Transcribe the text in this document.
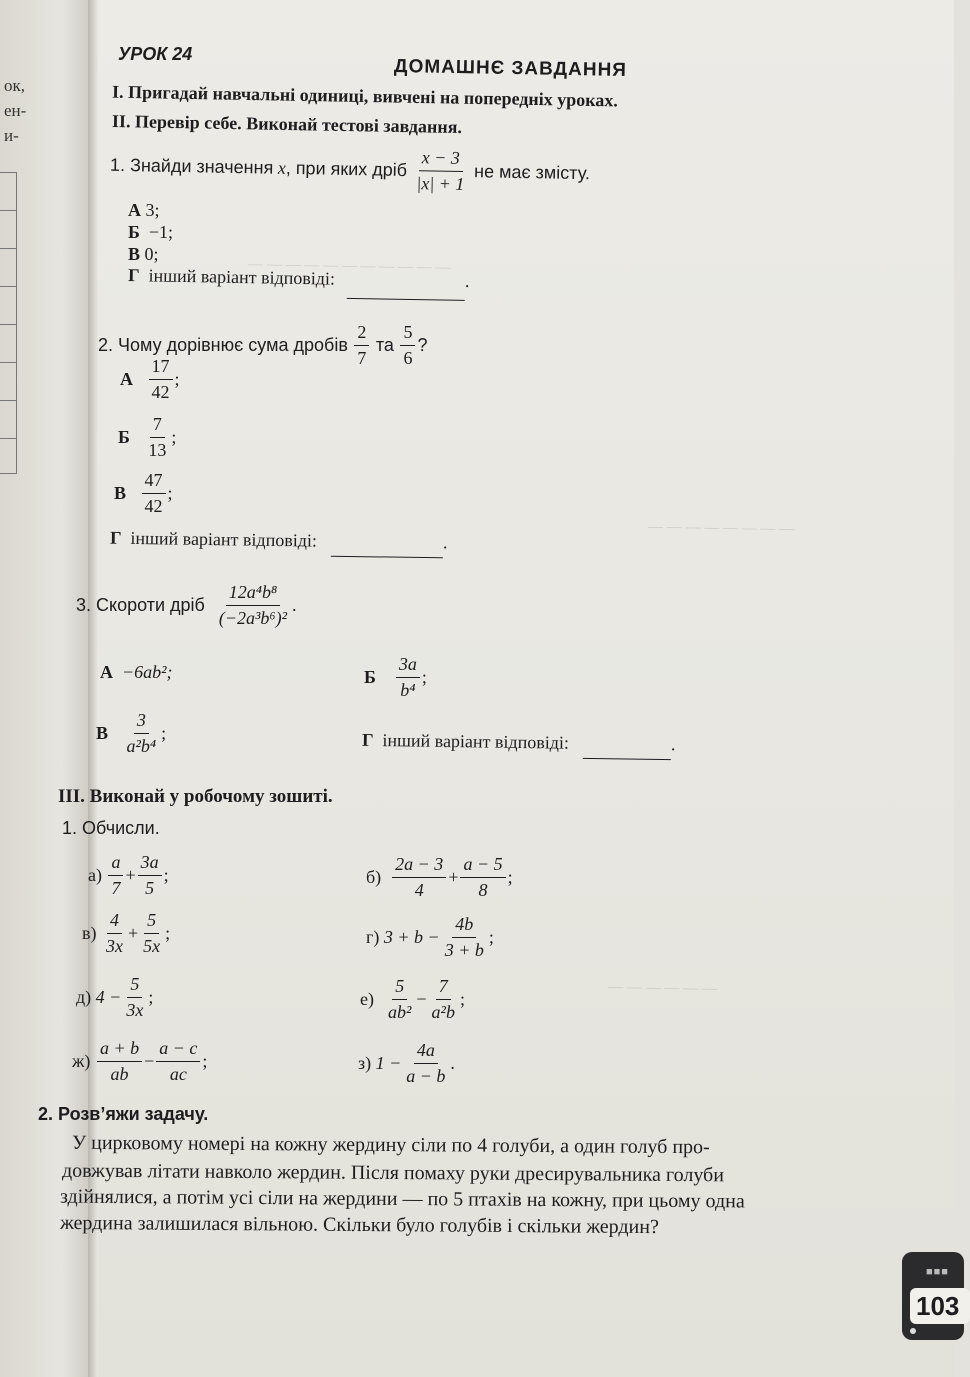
ок,
ен-
и-
— — — — — — — — — — —
— — — — — — — —
— — — — — —
УРОК 24
ДОМАШНЄ ЗАВДАННЯ
І. Пригадай навчальні одиниці, вивчені на попередніх уроках.
ІІ. Перевір себе. Виконай тестові завдання.
1. Знайди значення
x , при яких дріб
$\frac{x - 3}{|x| + 1}$
не має змісту.
А 3;
Б −1;
В 0;
Г інший варіант відповіді:	.
2. Чому дорівнює сума дробів
$\frac{2}{7}$
та
$\frac{5}{6}$ ?
А
$\frac{17}{42}$ ;
Б
$\frac{7}{13}$ ;
В
$\frac{47}{42}$ ;
Г інший варіант відповіді:	.
3. Скороти дріб
$\frac{\text{12a⁴b⁸}}{\text{(−2a³b⁶)²}}$ .
А −6ab²;	Б
$\frac{3a}{\text{b⁴}}$ ;
В
$\frac{3}{\text{a²b⁴}}$ ;	Г інший варіант відповіді:	.
ІІІ. Виконай у робочому зошиті.
1. Обчисли.
а)
$\frac{a}{7} + \frac{3a}{5}$ ;	б)
$\frac{2a - 3}{4} + \frac{a - 5}{8}$ ;
в)
$\frac{4}{3x} + \frac{5}{5x}$ ;	г)
$3 + b - \frac{4b}{3 + b}$ ;
д)
$4 - \frac{5}{3x}$ ;	е)
$\frac{5}{\text{ab²}} - \frac{7}{\text{a²b}}$ ;
ж)
$\frac{a + b}{ab} - \frac{a - c}{ac}$ ;	з)
$1 - \frac{4a}{a - b}$ .
2. Розв’яжи задачу.
У цирковому номері на кожну жердину сіли по 4 голуби, а один голуб про-
довжував літати навколо жердин. Після помаху руки дресирувальника голуби
здійнялися, а потім усі сіли на жердини — по 5 птахів на кожну, при цьому одна
жердина залишилася вільною. Скільки було голубів і скільки жердин?
■■■
103
